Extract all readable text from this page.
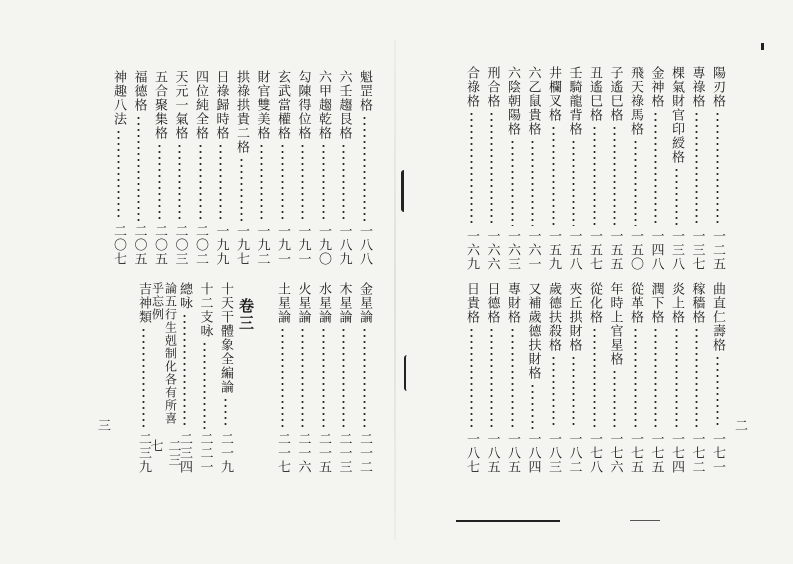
二
三
卷三
陽刃格
一二五
專祿格
一三七
棵氣財官印綬格
一三八
金神格
一四八
飛天祿馬格
一五〇
子遙巳格
一五五
丑遙巳格
一五七
壬騎龍背格
一五八
井欄叉格
一五九
六乙鼠貴格
一六一
六陰朝陽格
一六三
刑合格
一六六
合祿格
一六九
曲直仁壽格
一七一
稼穡格
一七二
炎上格
一七四
潤下格
一七五
從革格
一七五
年時上官星格
一七六
從化格
一七八
夾丘拱財格
一八二
歲德扶殺格
一八三
又補歲德扶財格
一八四
專財格
一八五
日德格
一八五
日貴格
一八七
魁罡格
一八八
六壬趨艮格
一八九
六甲趨乾格
一九〇
勾陳得位格
一九一
玄武當權格
一九一
財官雙美格
一九二
拱祿拱貴二格
一九七
日祿歸時格
一九九
四位純全格
二〇二
天元一氣格
二〇三
五合聚集格
二〇五
福德格
二〇五
神趣八法
二〇七
金星論
二一二
木星論
二一三
水星論
二一五
火星論
二一六
土星論
二一七
十天干體象全編論
二一九
十二支咏
二二一
總咏
二三四
論五行生剋制化各有所喜乎忘例
二三七
吉神類
二三九
